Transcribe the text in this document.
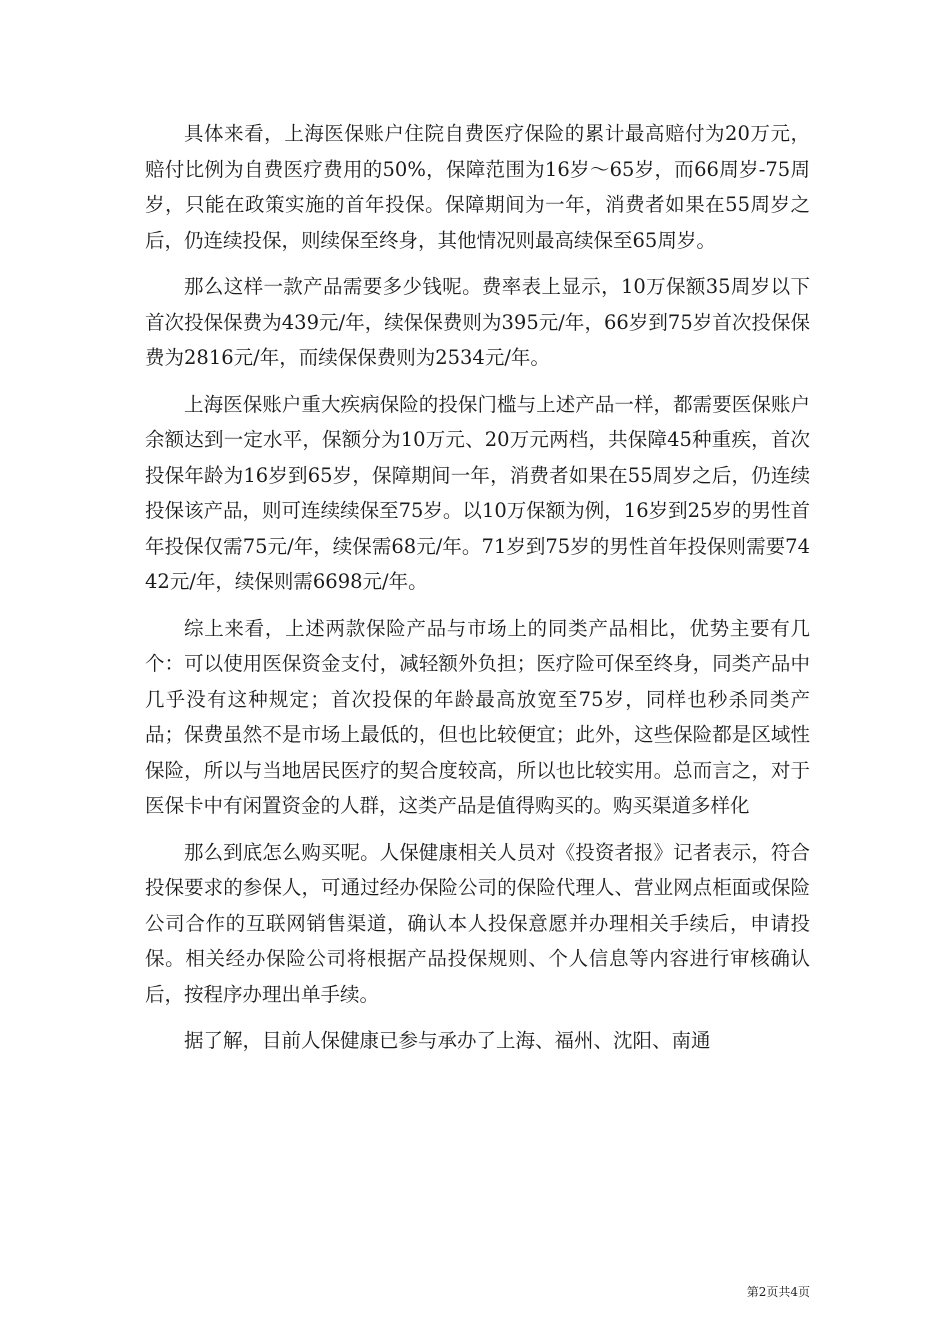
具体来看，上海医保账户住院自费医疗保险的累计最高赔付为20万元，赔付比例为自费医疗费用的50%，保障范围为16岁～65岁，而66周岁-75周岁，只能在政策实施的首年投保。保障期间为一年，消费者如果在55周岁之后，仍连续投保，则续保至终身，其他情况则最高续保至65周岁。

那么这样一款产品需要多少钱呢。费率表上显示，10万保额35周岁以下首次投保保费为439元/年，续保保费则为395元/年，66岁到75岁首次投保保费为2816元/年，而续保保费则为2534元/年。

上海医保账户重大疾病保险的投保门槛与上述产品一样，都需要医保账户余额达到一定水平，保额分为10万元、20万元两档，共保障45种重疾，首次投保年龄为16岁到65岁，保障期间一年，消费者如果在55周岁之后，仍连续投保该产品，则可连续续保至75岁。以10万保额为例，16岁到25岁的男性首年投保仅需75元/年，续保需68元/年。71岁到75岁的男性首年投保则需要7442元/年，续保则需6698元/年。

综上来看，上述两款保险产品与市场上的同类产品相比，优势主要有几个：可以使用医保资金支付，减轻额外负担；医疗险可保至终身，同类产品中几乎没有这种规定；首次投保的年龄最高放宽至75岁，同样也秒杀同类产品；保费虽然不是市场上最低的，但也比较便宜；此外，这些保险都是区域性保险，所以与当地居民医疗的契合度较高，所以也比较实用。总而言之，对于医保卡中有闲置资金的人群，这类产品是值得购买的。购买渠道多样化

那么到底怎么购买呢。人保健康相关人员对《投资者报》记者表示，符合投保要求的参保人，可通过经办保险公司的保险代理人、营业网点柜面或保险公司合作的互联网销售渠道，确认本人投保意愿并办理相关手续后，申请投保。相关经办保险公司将根据产品投保规则、个人信息等内容进行审核确认后，按程序办理出单手续。

据了解，目前人保健康已参与承办了上海、福州、沈阳、南通

第2页共4页
